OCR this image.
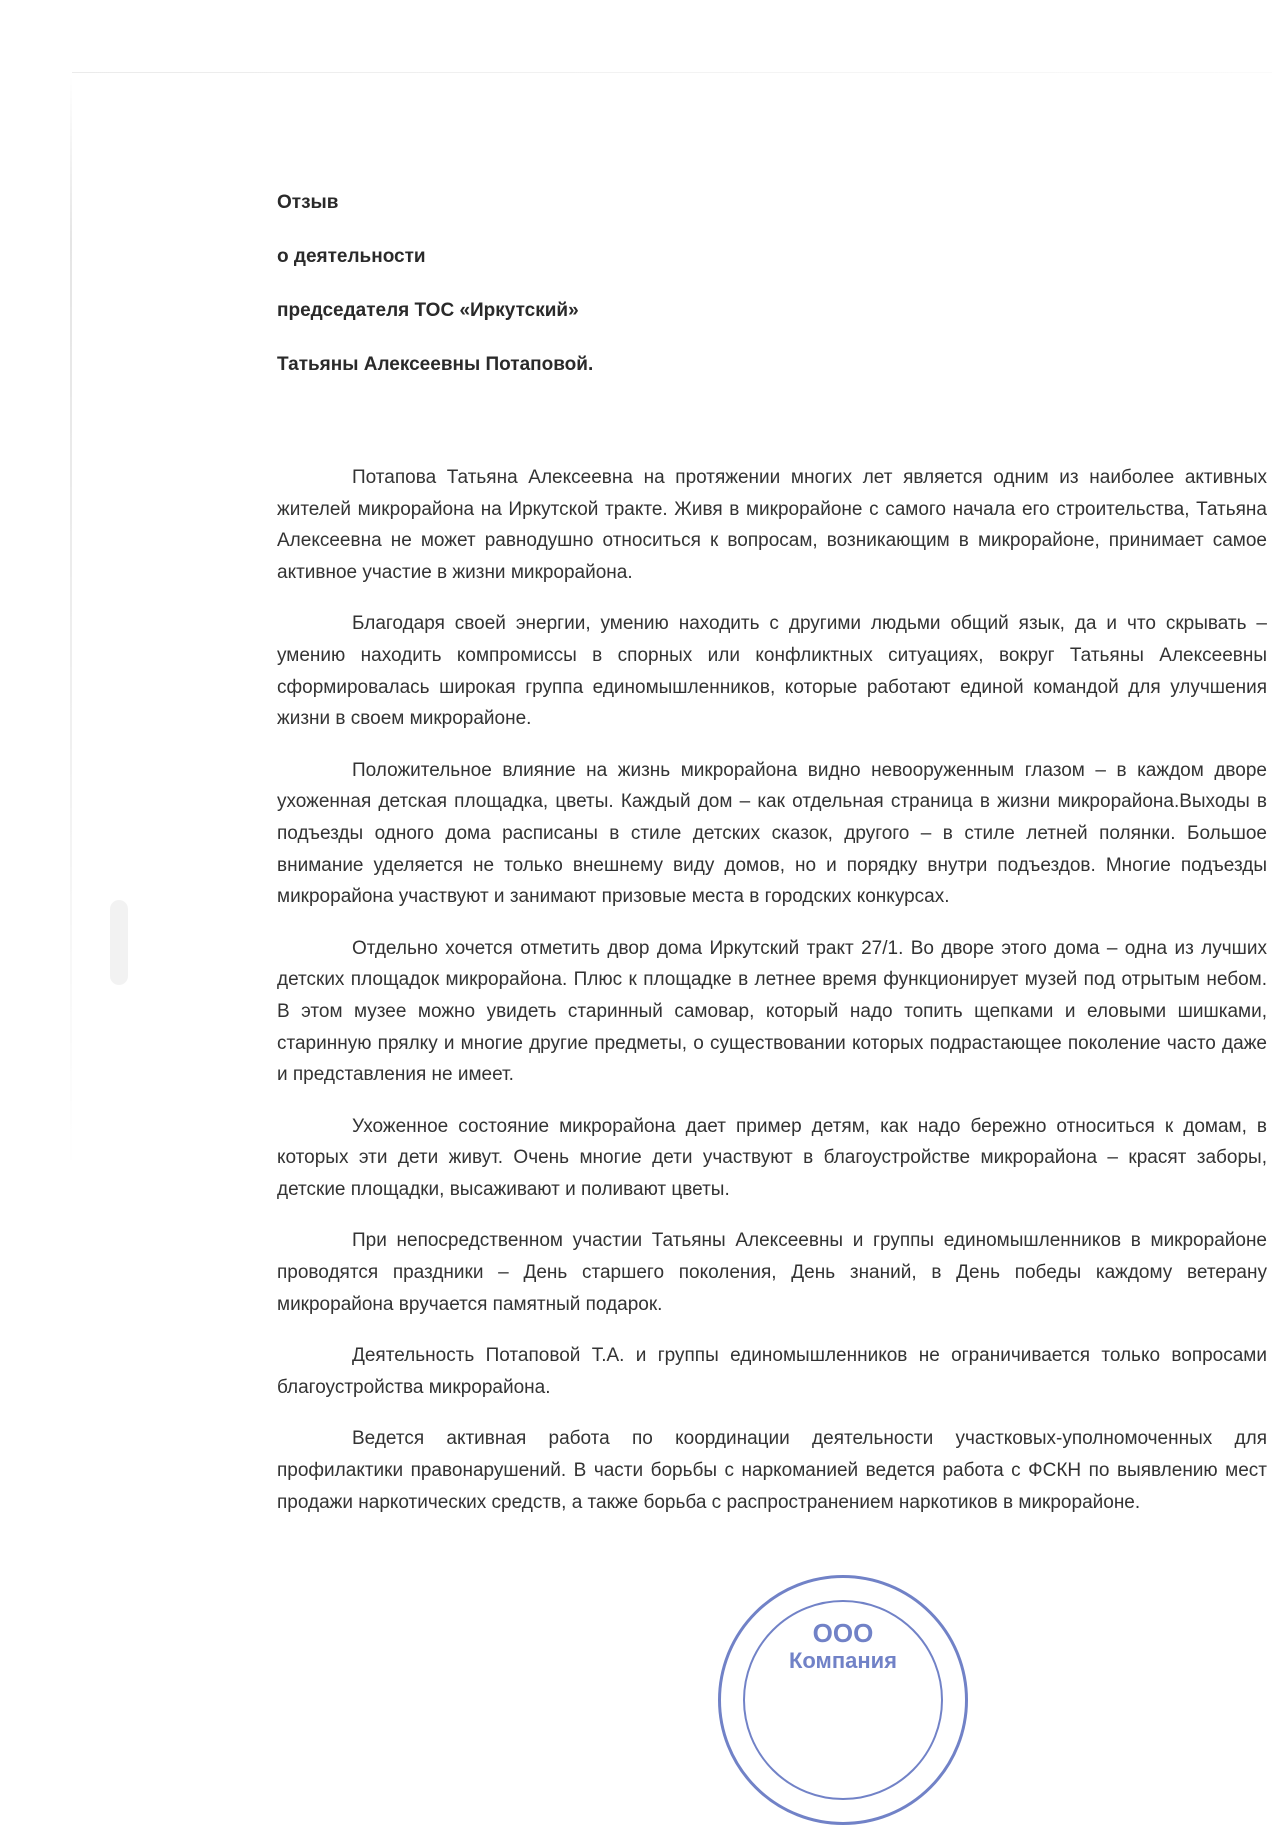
Отзыв
о деятельности
председателя ТОС «Иркутский»
Татьяны Алексеевны Потаповой.

Потапова Татьяна Алексеевна на протяжении многих лет является одним из наиболее активных жителей микрорайона на Иркутской тракте. Живя в микрорайоне с самого начала его строительства, Татьяна Алексеевна не может равнодушно относиться к вопросам, возникающим в микрорайоне, принимает самое активное участие в жизни микрорайона.

Благодаря своей энергии, умению находить с другими людьми общий язык, да и что скрывать – умению находить компромиссы в спорных или конфликтных ситуациях, вокруг Татьяны Алексеевны сформировалась широкая группа единомышленников, которые работают единой командой для улучшения жизни в своем микрорайоне.

Положительное влияние на жизнь микрорайона видно невооруженным глазом – в каждом дворе ухоженная детская площадка, цветы. Каждый дом – как отдельная страница в жизни микрорайона.Выходы в подъезды одного дома расписаны в стиле детских сказок, другого – в стиле летней полянки. Большое внимание уделяется не только внешнему виду домов, но и порядку внутри подъездов. Многие подъезды микрорайона участвуют и занимают призовые места в городских конкурсах.

Отдельно хочется отметить двор дома Иркутский тракт 27/1. Во дворе этого дома – одна из лучших детских площадок микрорайона. Плюс к площадке в летнее время функционирует музей под отрытым небом. В этом музее можно увидеть старинный самовар, который надо топить щепками и еловыми шишками, старинную прялку и многие другие предметы, о существовании которых подрастающее поколение часто даже и представления не имеет.

Ухоженное состояние микрорайона дает пример детям, как надо бережно относиться к домам, в которых эти дети живут. Очень многие дети участвуют в благоустройстве микрорайона – красят заборы, детские площадки, высаживают и поливают цветы.

При непосредственном участии Татьяны Алексеевны и группы единомышленников в микрорайоне проводятся праздники – День старшего поколения, День знаний, в День победы каждому ветерану микрорайона вручается памятный подарок.

Деятельность Потаповой Т.А. и группы единомышленников не ограничивается только вопросами благоустройства микрорайона.

Ведется активная работа по координации деятельности участковых-уполномоченных для профилактики правонарушений. В части борьбы с наркоманией ведется работа с ФСКН по выявлению мест продажи наркотических средств, а также борьба с распространением наркотиков в микрорайоне.

ООО
Компания
